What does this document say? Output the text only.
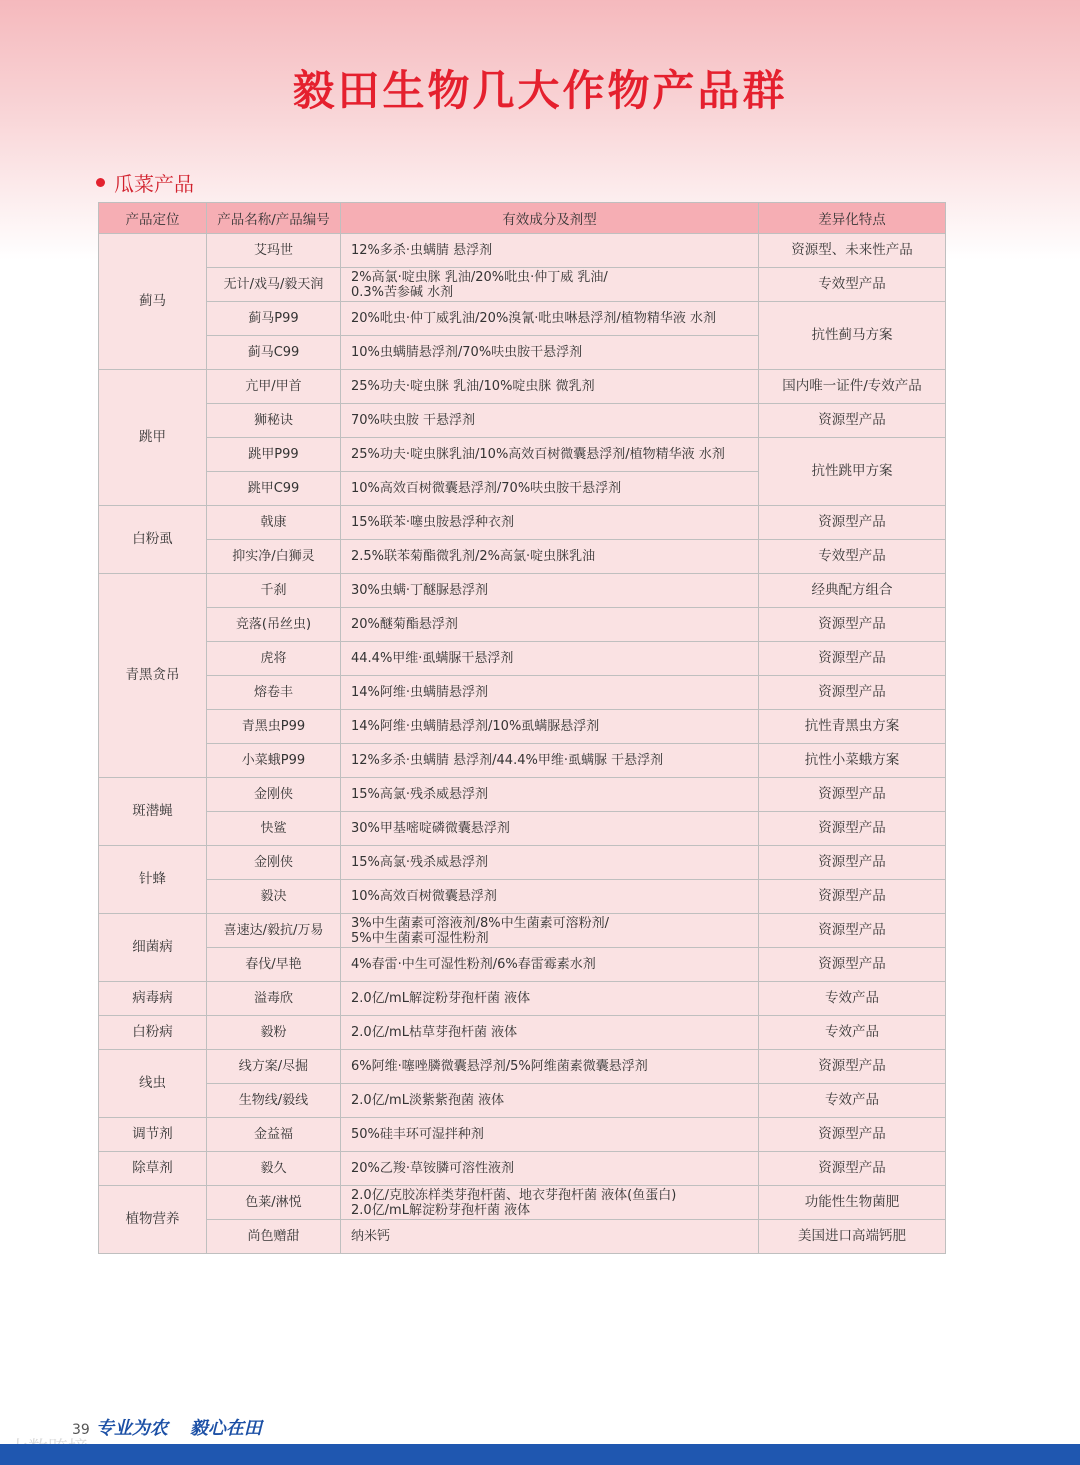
毅田生物几大作物产品群
瓜菜产品
产品定位	产品名称/产品编号	有效成分及剂型	差异化特点
蓟马	艾玛世	12%多杀·虫螨腈 悬浮剂	资源型、未来性产品
	无计/戏马/毅天润	2%高氯·啶虫脒 乳油/20%吡虫·仲丁威 乳油/
0.3%苦参碱 水剂	专效型产品
	蓟马P99	20%吡虫·仲丁威乳油/20%溴氰·吡虫啉悬浮剂/植物精华液 水剂	抗性蓟马方案
	蓟马C99	10%虫螨腈悬浮剂/70%呋虫胺干悬浮剂	
跳甲	亢甲/甲首	25%功夫·啶虫脒 乳油/10%啶虫脒 微乳剂	国内唯一证件/专效产品
	狮秘诀	70%呋虫胺 干悬浮剂	资源型产品
	跳甲P99	25%功夫·啶虫脒乳油/10%高效百树微囊悬浮剂/植物精华液 水剂	抗性跳甲方案
	跳甲C99	10%高效百树微囊悬浮剂/70%呋虫胺干悬浮剂	
白粉虱	戟康	15%联苯·噻虫胺悬浮种衣剂	资源型产品
	抑实净/白狮灵	2.5%联苯菊酯微乳剂/2%高氯·啶虫脒乳油	专效型产品
青黑贪吊	千刹	30%虫螨·丁醚脲悬浮剂	经典配方组合
	竞落(吊丝虫)	20%醚菊酯悬浮剂	资源型产品
	虎将	44.4%甲维·虱螨脲干悬浮剂	资源型产品
	熔卷丰	14%阿维·虫螨腈悬浮剂	资源型产品
	青黑虫P99	14%阿维·虫螨腈悬浮剂/10%虱螨脲悬浮剂	抗性青黑虫方案
	小菜蛾P99	12%多杀·虫螨腈 悬浮剂/44.4%甲维·虱螨脲 干悬浮剂	抗性小菜蛾方案
斑潜蝇	金刚侠	15%高氯·残杀威悬浮剂	资源型产品
	快鲨	30%甲基嘧啶磷微囊悬浮剂	资源型产品
针蜂	金刚侠	15%高氯·残杀威悬浮剂	资源型产品
	毅决	10%高效百树微囊悬浮剂	资源型产品
细菌病	喜速达/毅抗/万易	3%中生菌素可溶液剂/8%中生菌素可溶粉剂/
5%中生菌素可湿性粉剂	资源型产品
	春伐/早艳	4%春雷·中生可湿性粉剂/6%春雷霉素水剂	资源型产品
病毒病	溢毒欣	2.0亿/mL解淀粉芽孢杆菌 液体	专效产品
白粉病	毅粉	2.0亿/mL枯草芽孢杆菌 液体	专效产品
线虫	线方案/尽掘	6%阿维·噻唑膦微囊悬浮剂/5%阿维菌素微囊悬浮剂	资源型产品
	生物线/毅线	2.0亿/mL淡紫紫孢菌 液体	专效产品
调节剂	金益福	50%硅丰环可湿拌种剂	资源型产品
除草剂	毅久	20%乙羧·草铵膦可溶性液剂	资源型产品
植物营养	色莱/淋悦	2.0亿/克胶冻样类芽孢杆菌、地衣芽孢杆菌 液体(鱼蛋白)
2.0亿/mL解淀粉芽孢杆菌 液体	功能性生物菌肥
	尚色赠甜	纳米钙	美国进口高端钙肥
39 专业为农 毅心在田
